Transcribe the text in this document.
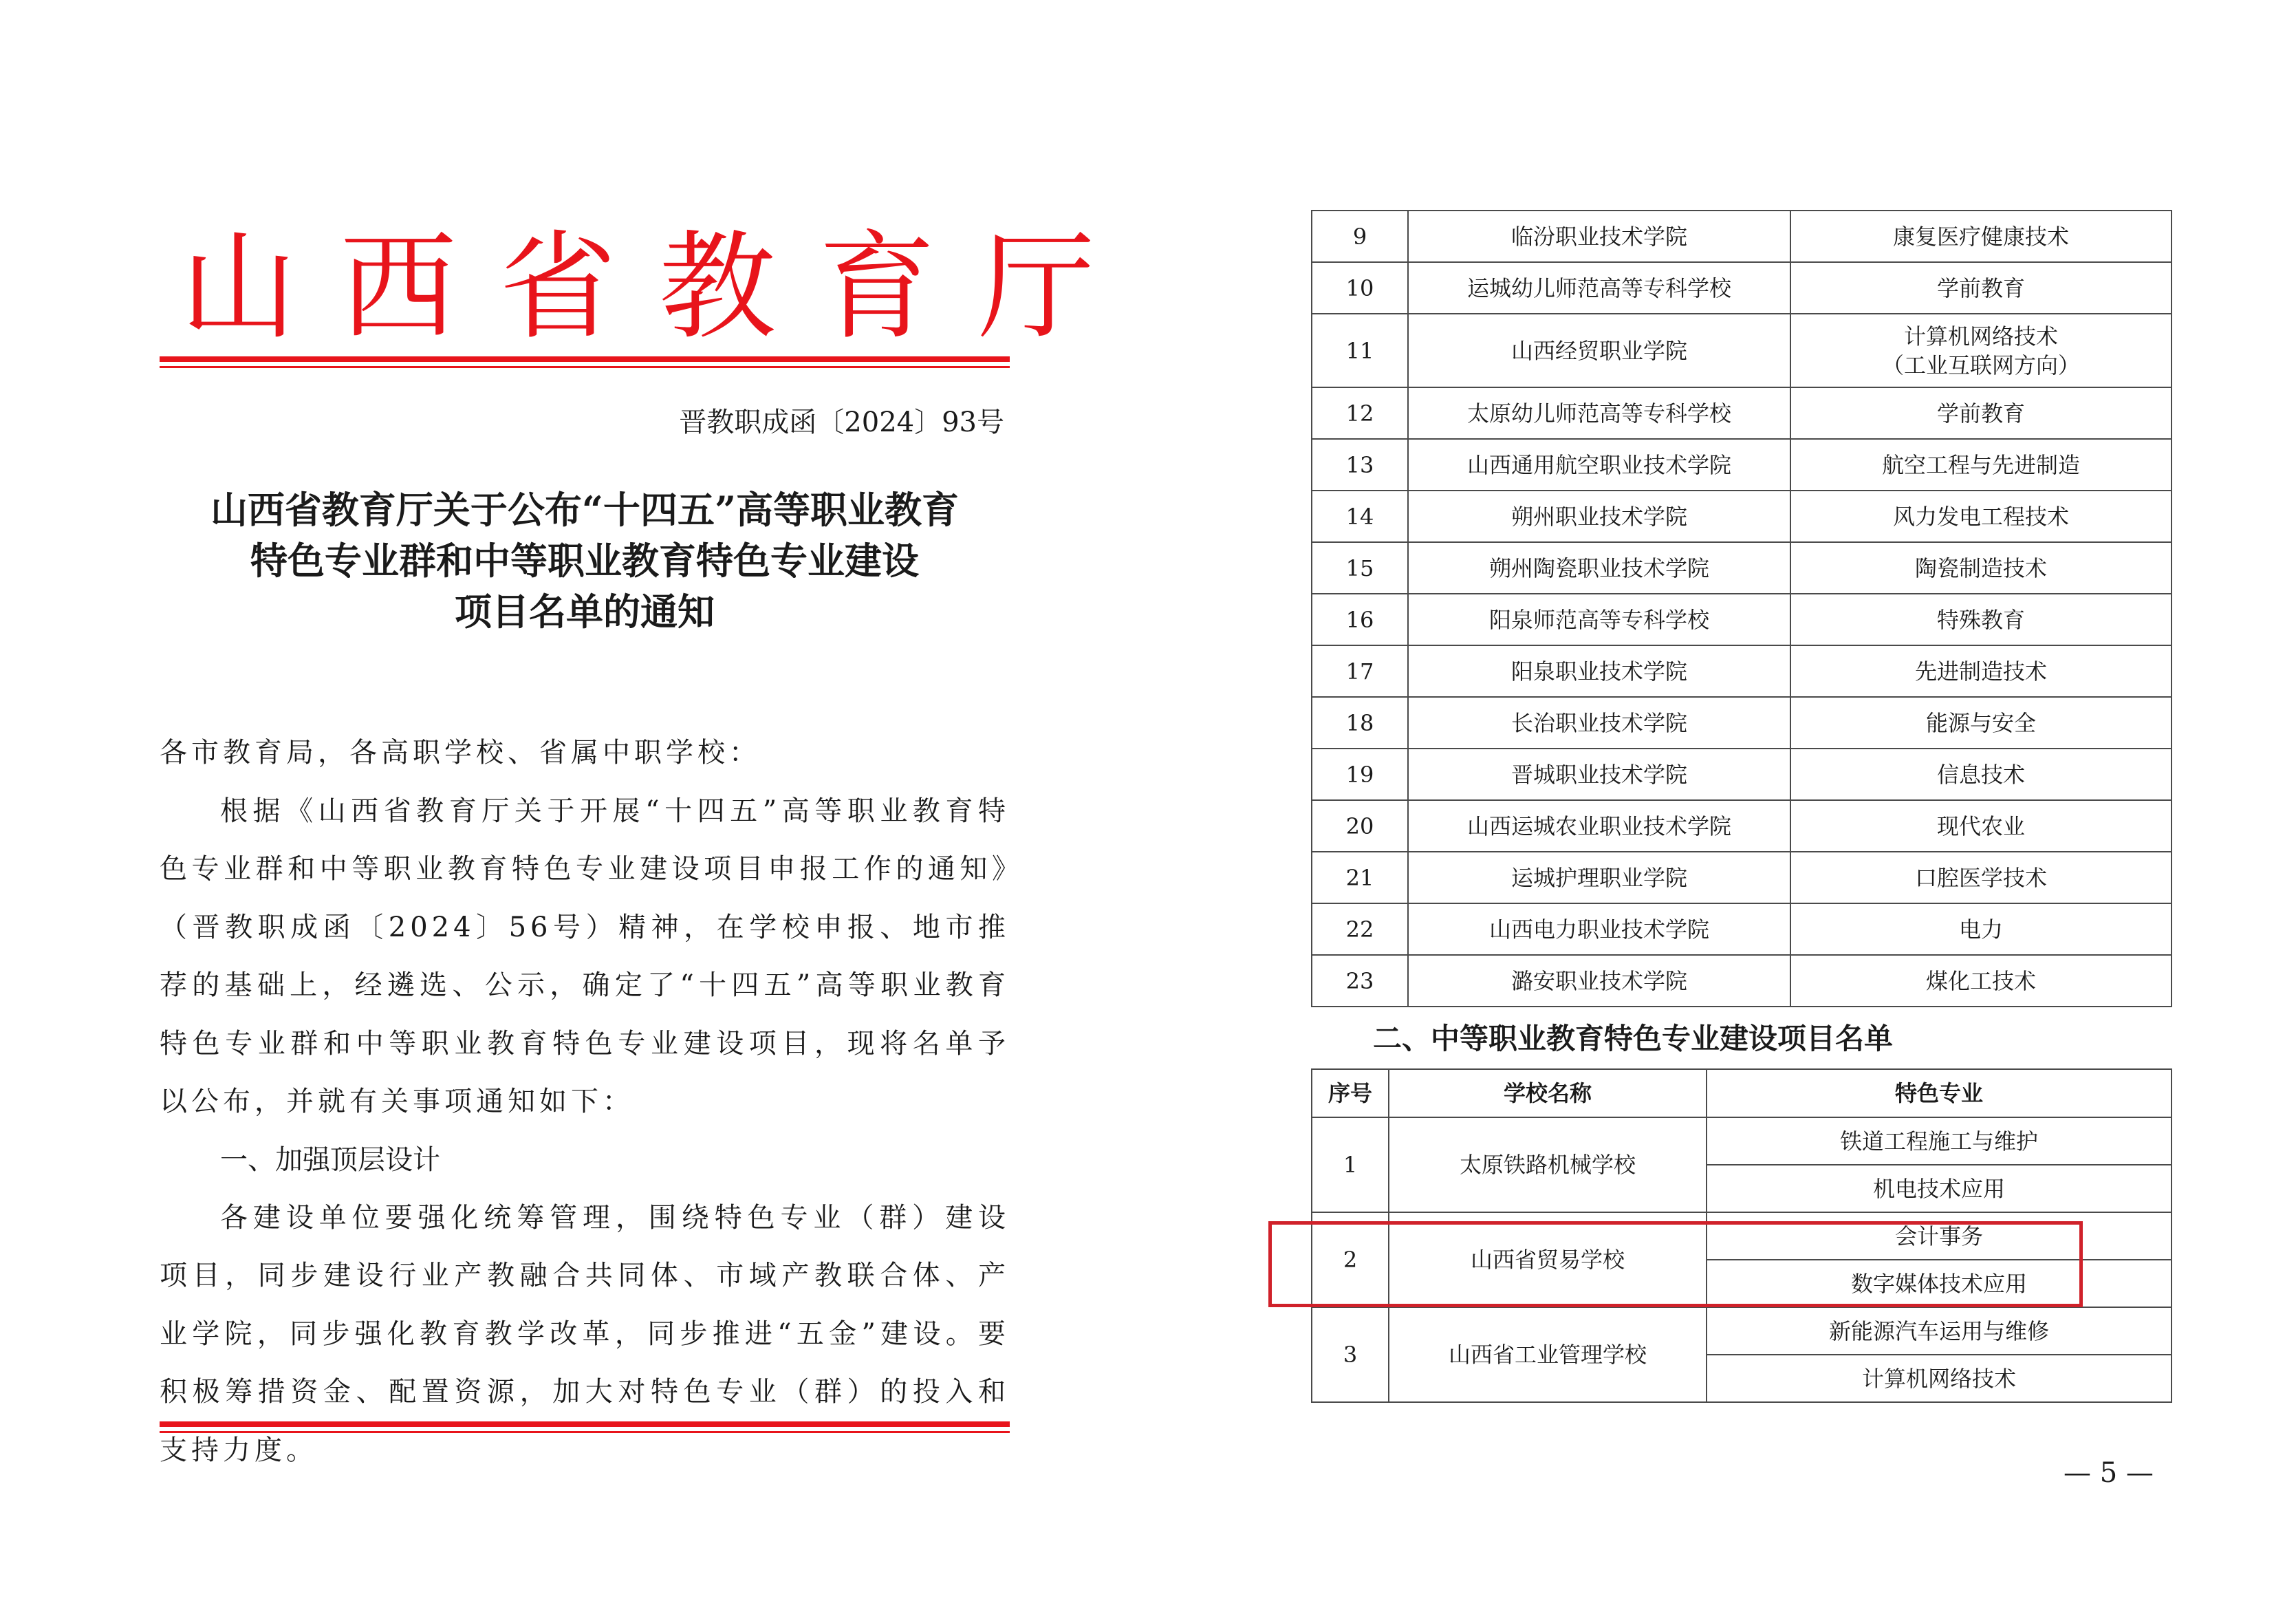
山西省教育厅
晋教职成函〔2024〕93号
山西省教育厅关于公布“十四五”高等职业教育
特色专业群和中等职业教育特色专业建设
项目名单的通知

各市教育局，各高职学校、省属中职学校：

根据《山西省教育厅关于开展“十四五”高等职业教育特色专业群和中等职业教育特色专业建设项目申报工作的通知》（晋教职成函〔2024〕56号）精神，在学校申报、地市推荐的基础上，经遴选、公示，确定了“十四五”高等职业教育特色专业群和中等职业教育特色专业建设项目，现将名单予以公布，并就有关事项通知如下：

一、加强顶层设计

各建设单位要强化统筹管理，围绕特色专业（群）建设项目，同步建设行业产教融合共同体、市域产教联合体、产业学院，同步强化教育教学改革，同步推进“五金”建设。要积极筹措资金、配置资源，加大对特色专业（群）的投入和支持力度。

9	临汾职业技术学院	康复医疗健康技术

10	运城幼儿师范高等专科学校	学前教育

11	山西经贸职业学院	计算机网络技术
（工业互联网方向）

12	太原幼儿师范高等专科学校	学前教育

13	山西通用航空职业技术学院	航空工程与先进制造

14	朔州职业技术学院	风力发电工程技术

15	朔州陶瓷职业技术学院	陶瓷制造技术

16	阳泉师范高等专科学校	特殊教育

17	阳泉职业技术学院	先进制造技术

18	长治职业技术学院	能源与安全

19	晋城职业技术学院	信息技术

20	山西运城农业职业技术学院	现代农业

21	运城护理职业学院	口腔医学技术

22	山西电力职业技术学院	电力

23	潞安职业技术学院	煤化工技术
二、中等职业教育特色专业建设项目名单
序号	学校名称	特色专业
1	太原铁路机械学校	铁道工程施工与维护
		机电技术应用
2	山西省贸易学校	会计事务
		数字媒体技术应用
3	山西省工业管理学校	新能源汽车运用与维修
		计算机网络技术
— 5 —
